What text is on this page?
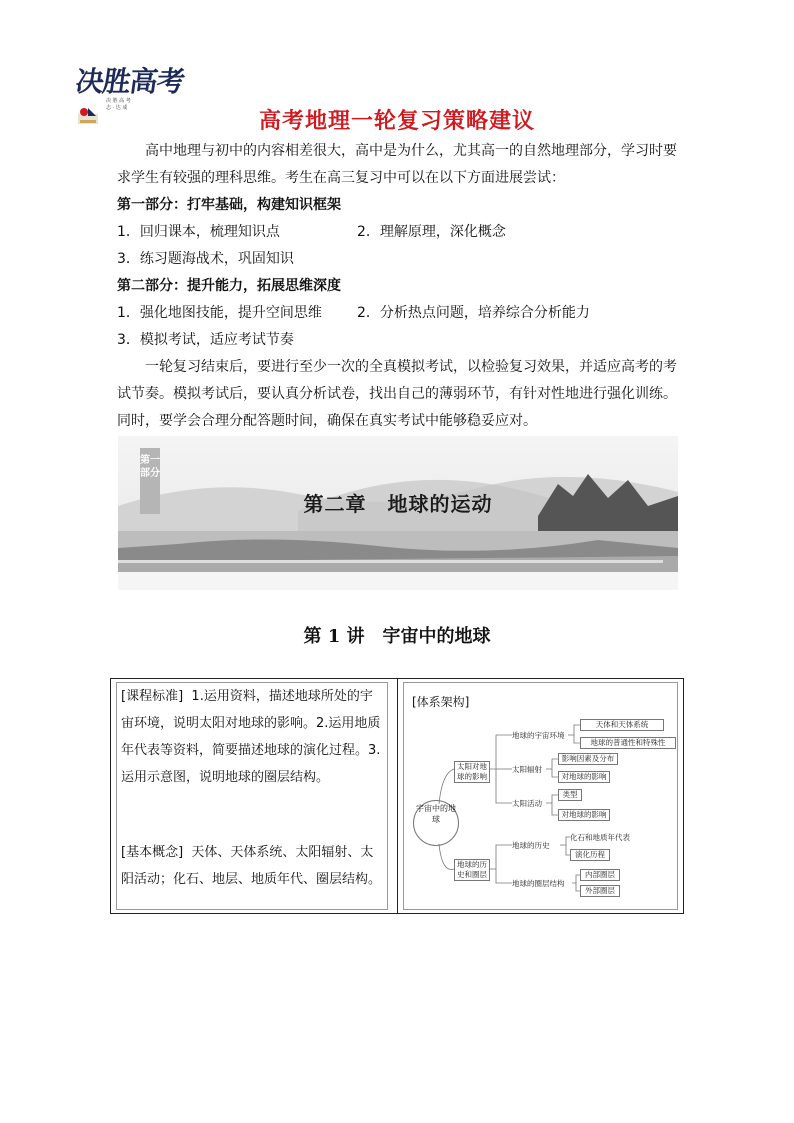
决胜高考
决 胜 高 考
志 · 达 成
高考地理一轮复习策略建议

高中地理与初中的内容相差很大，高中是为什么，尤其高一的自然地理部分，学习时要求学生有较强的理科思维。考生在高三复习中可以在以下方面进展尝试：

第一部分：打牢基础，构建知识框架

1．回归课本，梳理知识点	2．理解原理，深化概念

3．练习题海战术，巩固知识

第二部分：提升能力，拓展思维深度

1．强化地图技能，提升空间思维	2．分析热点问题，培养综合分析能力

3．模拟考试，适应考试节奏

一轮复习结束后，要进行至少一次的全真模拟考试，以检验复习效果，并适应高考的考试节奏。模拟考试后，要认真分析试卷，找出自己的薄弱环节，有针对性地进行强化训练。同时，要学会合理分配答题时间，确保在真实考试中能够稳妥应对。

第一部分
第二章　地球的运动
第 1 讲　宇宙中的地球
[课程标准] 1.运用资料，描述地球所处的宇宙环境，说明太阳对地球的影响。2.运用地质年代表等资料，简要描述地球的演化过程。3.运用示意图，说明地球的圈层结构。
[基本概念] 天体、天体系统、太阳辐射、太阳活动；化石、地层、地质年代、圈层结构。
[体系架构]
宇宙中的地球
太阳对地球的影响
地球的历史和圈层
地球的宇宙环境
天体和天体系统
地球的普通性和特殊性
太阳辐射
影响因素及分布
对地球的影响
太阳活动
类型
对地球的影响
地球的历史
化石和地质年代表
演化历程
地球的圈层结构
内部圈层
外部圈层
